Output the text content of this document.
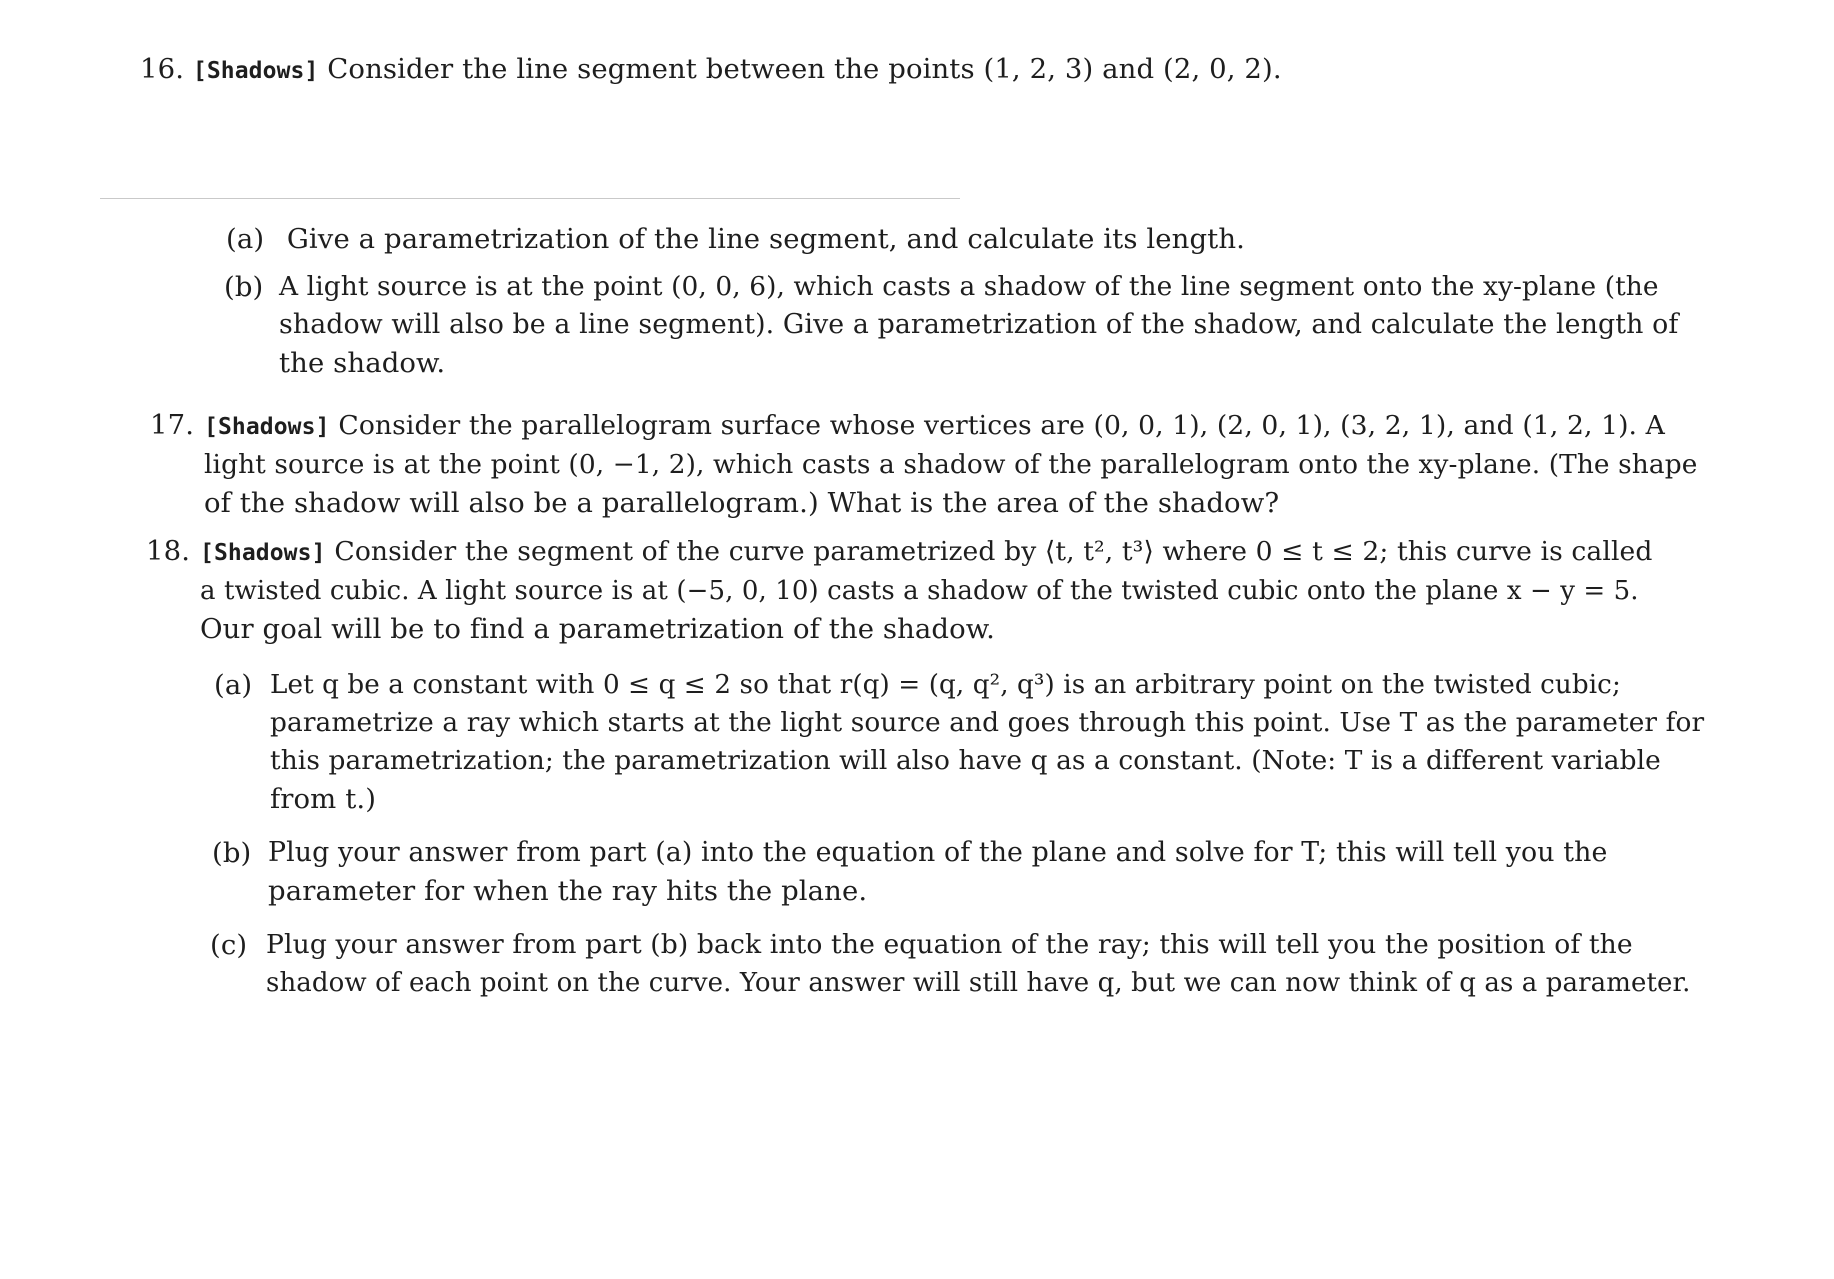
16. [Shadows] Consider the line segment between the points (1, 2, 3) and (2, 0, 2).
(a) Give a parametrization of the line segment, and calculate its length.
(b) A light source is at the point (0, 0, 6), which casts a shadow of the line segment onto the xy-plane (the
shadow will also be a line segment). Give a parametrization of the shadow, and calculate the length of
the shadow.
17. [Shadows] Consider the parallelogram surface whose vertices are (0, 0, 1), (2, 0, 1), (3, 2, 1), and (1, 2, 1). A
light source is at the point (0, −1, 2), which casts a shadow of the parallelogram onto the xy-plane. (The shape
of the shadow will also be a parallelogram.) What is the area of the shadow?
18. [Shadows] Consider the segment of the curve parametrized by ⟨t, t², t³⟩ where 0 ≤ t ≤ 2; this curve is called
a twisted cubic. A light source is at (−5, 0, 10) casts a shadow of the twisted cubic onto the plane x − y = 5.
Our goal will be to find a parametrization of the shadow.
(a) Let q be a constant with 0 ≤ q ≤ 2 so that r(q) = (q, q², q³) is an arbitrary point on the twisted cubic;
parametrize a ray which starts at the light source and goes through this point. Use T as the parameter for
this parametrization; the parametrization will also have q as a constant. (Note: T is a different variable
from t.)
(b) Plug your answer from part (a) into the equation of the plane and solve for T; this will tell you the
parameter for when the ray hits the plane.
(c) Plug your answer from part (b) back into the equation of the ray; this will tell you the position of the
shadow of each point on the curve. Your answer will still have q, but we can now think of q as a parameter.
